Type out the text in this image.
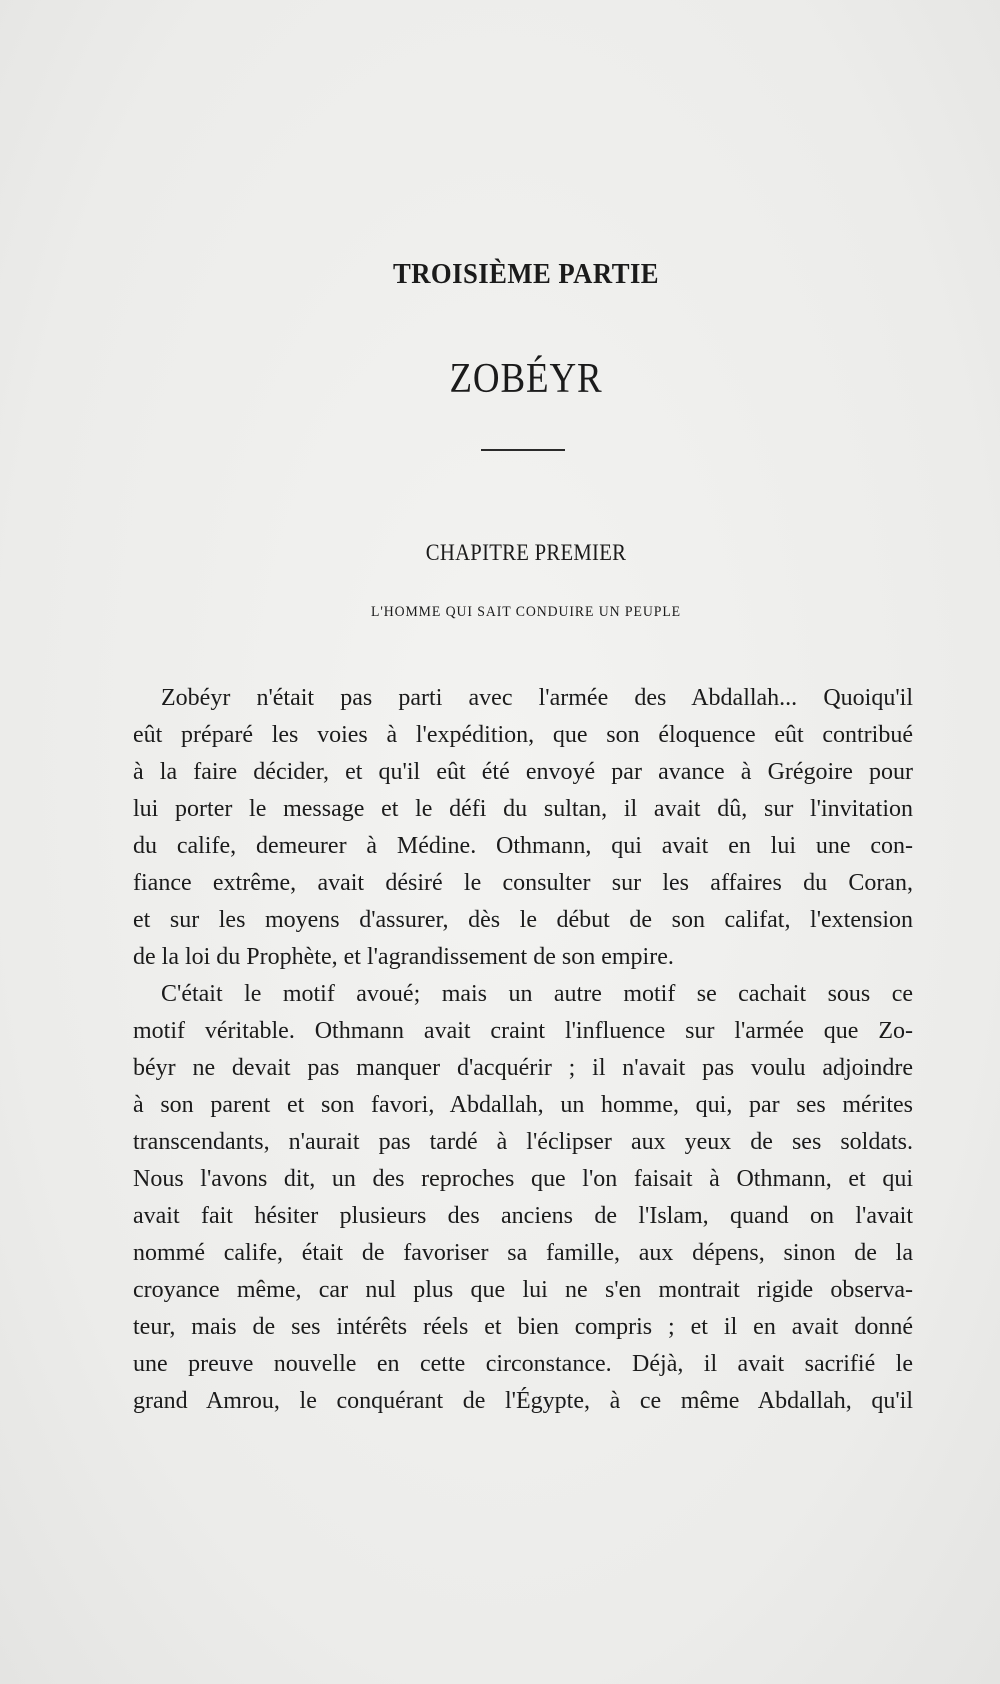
TROISIÈME PARTIE
ZOBÉYR
CHAPITRE PREMIER
L'HOMME QUI SAIT CONDUIRE UN PEUPLE
Zobéyr n'était pas parti avec l'armée des Abdallah... Quoiqu'il
eût préparé les voies à l'expédition, que son éloquence eût contribué
à la faire décider, et qu'il eût été envoyé par avance à Grégoire pour
lui porter le message et le défi du sultan, il avait dû, sur l'invitation
du calife, demeurer à Médine. Othmann, qui avait en lui une con-
fiance extrême, avait désiré le consulter sur les affaires du Coran,
et sur les moyens d'assurer, dès le début de son califat, l'extension
de la loi du Prophète, et l'agrandissement de son empire.
C'était le motif avoué; mais un autre motif se cachait sous ce
motif véritable. Othmann avait craint l'influence sur l'armée que Zo-
béyr ne devait pas manquer d'acquérir ; il n'avait pas voulu adjoindre
à son parent et son favori, Abdallah, un homme, qui, par ses mérites
transcendants, n'aurait pas tardé à l'éclipser aux yeux de ses soldats.
Nous l'avons dit, un des reproches que l'on faisait à Othmann, et qui
avait fait hésiter plusieurs des anciens de l'Islam, quand on l'avait
nommé calife, était de favoriser sa famille, aux dépens, sinon de la
croyance même, car nul plus que lui ne s'en montrait rigide observa-
teur, mais de ses intérêts réels et bien compris ; et il en avait donné
une preuve nouvelle en cette circonstance. Déjà, il avait sacrifié le
grand Amrou, le conquérant de l'Égypte, à ce même Abdallah, qu'il
